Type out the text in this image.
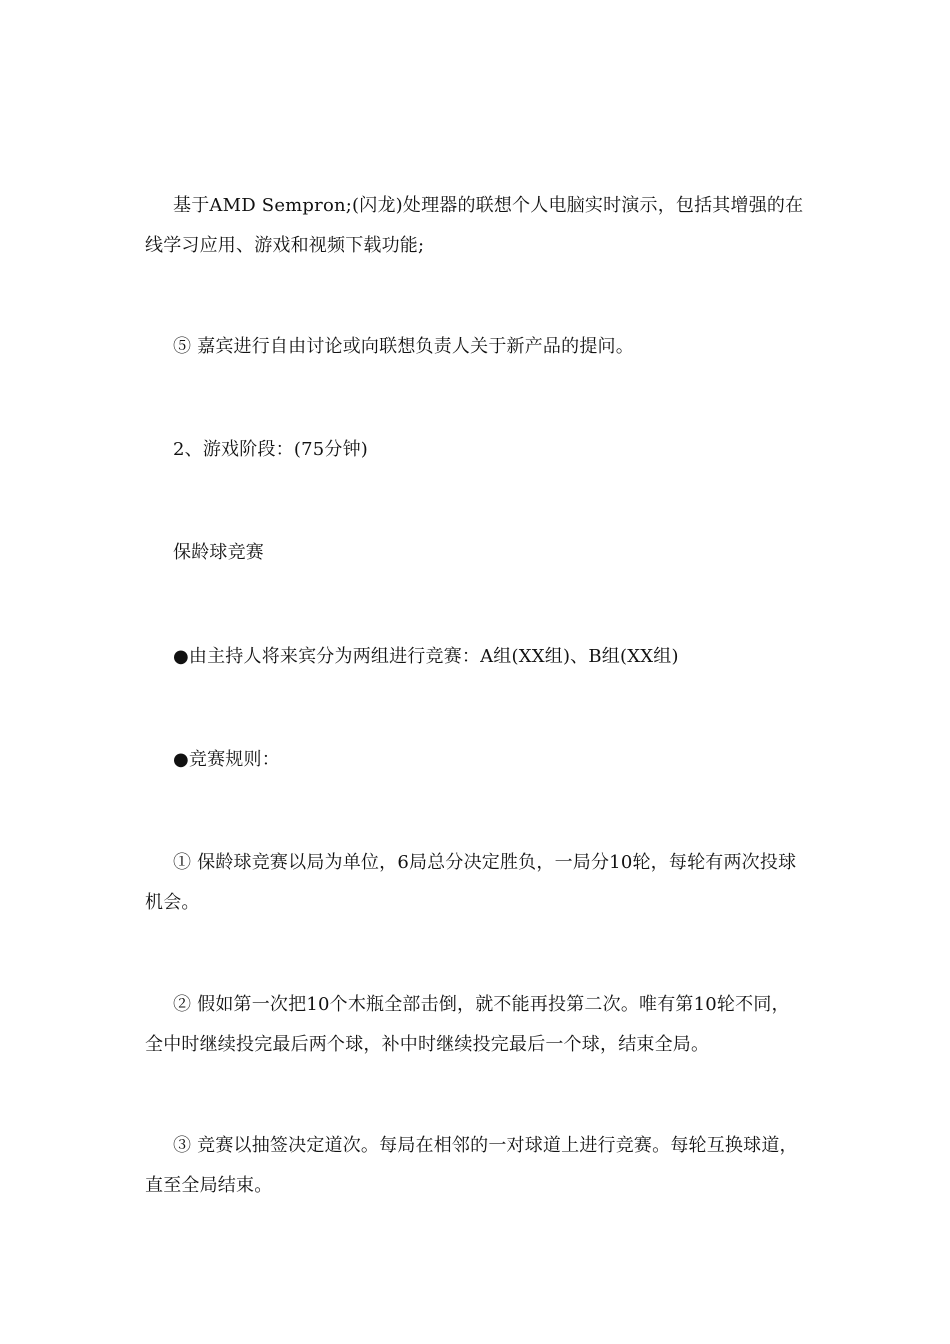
基于AMD Sempron;(闪龙)处理器的联想个人电脑实时演示，包括其增强的在线学习应用、游戏和视频下载功能;

⑤ 嘉宾进行自由讨论或向联想负责人关于新产品的提问。

2、游戏阶段：(75分钟)

保龄球竞赛

●由主持人将来宾分为两组进行竞赛：A组(XX组)、B组(XX组)

●竞赛规则：

① 保龄球竞赛以局为单位，6局总分决定胜负，一局分10轮，每轮有两次投球机会。

② 假如第一次把10个木瓶全部击倒，就不能再投第二次。唯有第10轮不同，全中时继续投完最后两个球，补中时继续投完最后一个球，结束全局。

③ 竞赛以抽签决定道次。每局在相邻的一对球道上进行竞赛。每轮互换球道，直至全局结束。
